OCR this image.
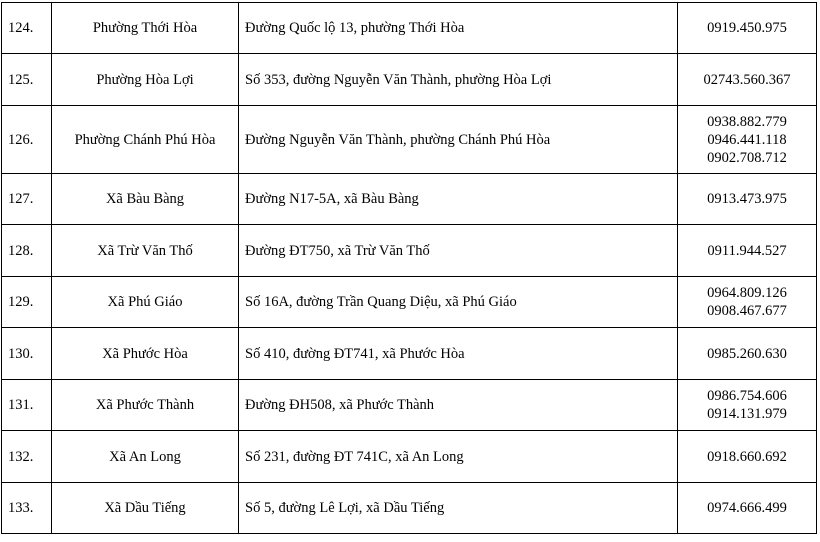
124.	Phường Thới Hòa	Đường Quốc lộ 13, phường Thới Hòa	0919.450.975

125.	Phường Hòa Lợi	Số 353, đường Nguyễn Văn Thành, phường Hòa Lợi	02743.560.367

126.	Phường Chánh Phú Hòa	Đường Nguyễn Văn Thành, phường Chánh Phú Hòa	0938.882.779
0946.441.118
0902.708.712

127.	Xã Bàu Bàng	Đường N17-5A, xã Bàu Bàng	0913.473.975

128.	Xã Trừ Văn Thố	Đường ĐT750, xã Trừ Văn Thố	0911.944.527

129.	Xã Phú Giáo	Số 16A, đường Trần Quang Diệu, xã Phú Giáo	0964.809.126
0908.467.677

130.	Xã Phước Hòa	Số 410, đường ĐT741, xã Phước Hòa	0985.260.630

131.	Xã Phước Thành	Đường ĐH508, xã Phước Thành	0986.754.606
0914.131.979

132.	Xã An Long	Số 231, đường ĐT 741C, xã An Long	0918.660.692

133.	Xã Dầu Tiếng	Số 5, đường Lê Lợi, xã Dầu Tiếng	0974.666.499
